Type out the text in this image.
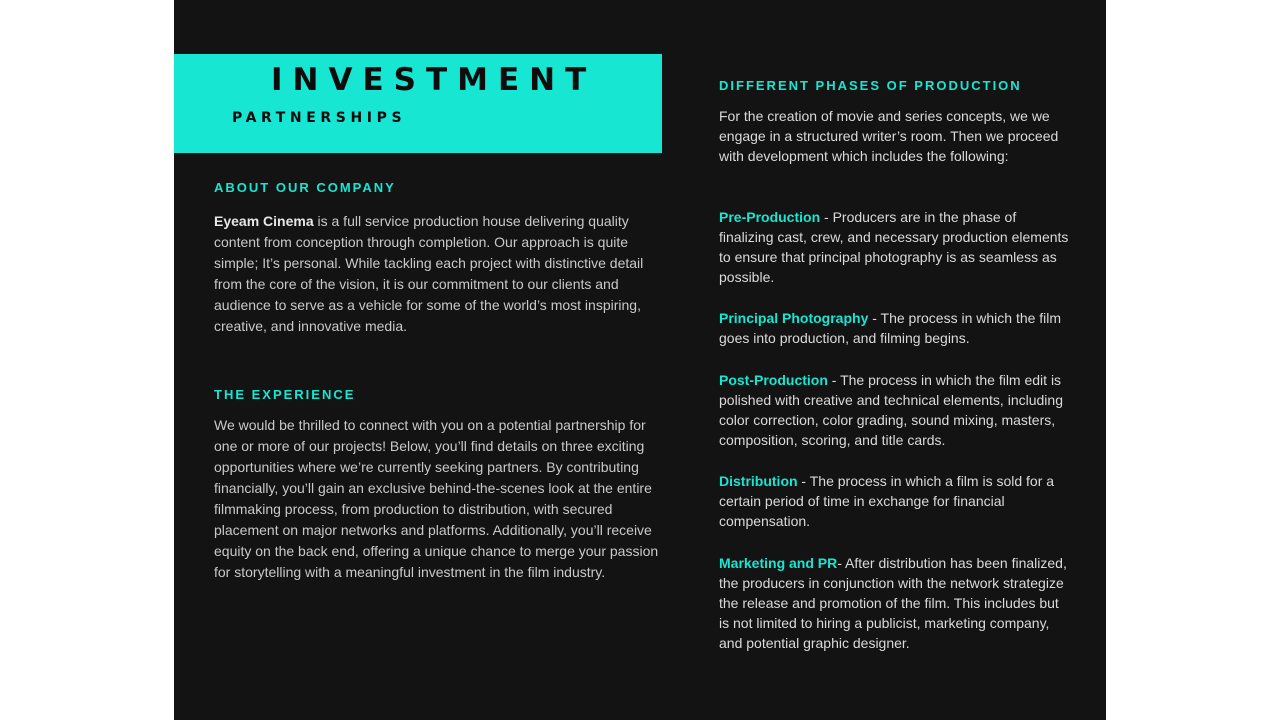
INVESTMENT
PARTNERSHIPS
ABOUT OUR COMPANY

Eyeam Cinema is a full service production house delivering quality content from conception through completion. Our approach is quite simple; It’s personal. While tackling each project with distinctive detail from the core of the vision, it is our commitment to our clients and audience to serve as a vehicle for some of the world’s most inspiring, creative, and innovative media.

THE EXPERIENCE

We would be thrilled to connect with you on a potential partnership for one or more of our projects! Below, you’ll find details on three exciting opportunities where we’re currently seeking partners. By contributing financially, you’ll gain an exclusive behind-the-scenes look at the entire filmmaking process, from production to distribution, with secured placement on major networks and platforms. Additionally, you’ll receive equity on the back end, offering a unique chance to merge your passion for storytelling with a meaningful investment in the film industry.

DIFFERENT PHASES OF PRODUCTION

For the creation of movie and series concepts, we we engage in a structured writer’s room. Then we proceed with development which includes the following:

Pre-Production - Producers are in the phase of finalizing cast, crew, and necessary production elements to ensure that principal photography is as seamless as possible.

Principal Photography - The process in which the film goes into production, and filming begins.

Post-Production - The process in which the film edit is polished with creative and technical elements, including color correction, color grading, sound mixing, masters, composition, scoring, and title cards.

Distribution - The process in which a film is sold for a certain period of time in exchange for financial compensation.

Marketing and PR- After distribution has been finalized, the producers in conjunction with the network strategize the release and promotion of the film. This includes but is not limited to hiring a publicist, marketing company, and potential graphic designer.
